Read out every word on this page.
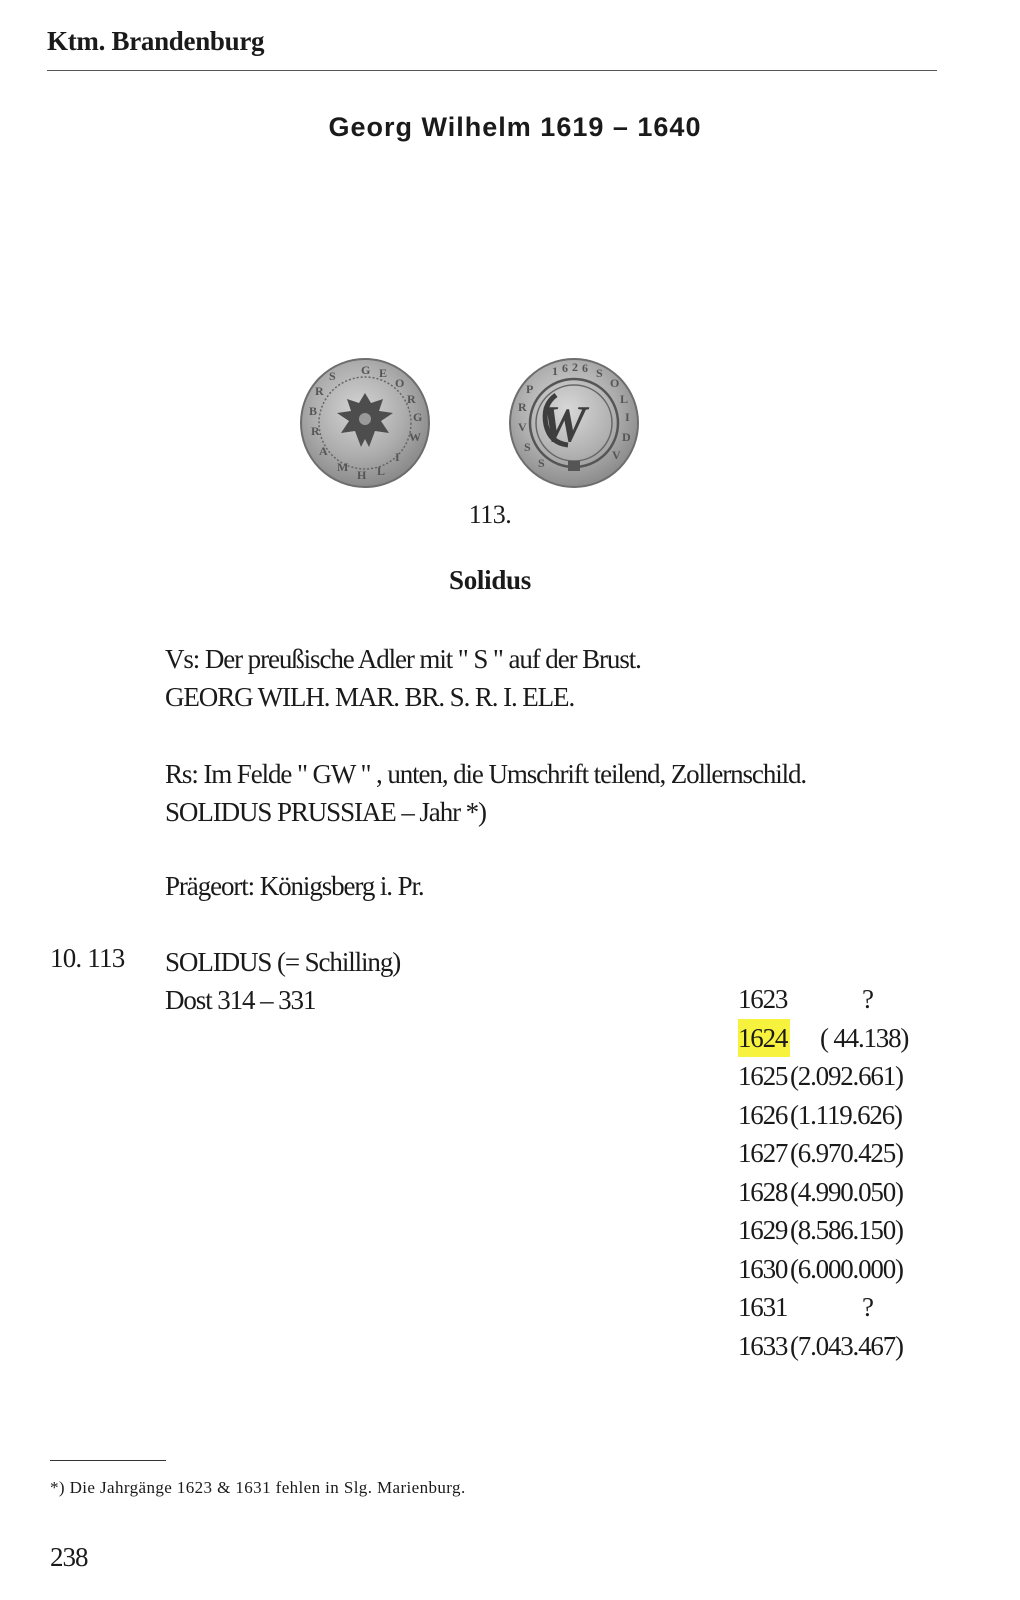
Ktm. Brandenburg
Georg Wilhelm 1619 – 1640
G E
O
R
G
W
I
L
H
M
A
R
B
R
S
W
1 6 2 6 S
O
L
I
D
V
S
S
V
R
P
113.
Solidus
Vs: Der preußische Adler mit " S " auf der Brust.
GEORG WILH. MAR. BR. S. R. I. ELE.
Rs: Im Felde " GW " , unten, die Umschrift teilend, Zollernschild.
SOLIDUS PRUSSIAE – Jahr *)
Prägeort: Königsberg i. Pr.
10. 113 SOLIDUS (= Schilling)
Dost 314 – 331	1623	?
1624 ( 44.138)
1625 (2.092.661)
1626 (1.119.626)
1627 (6.970.425)
1628 (4.990.050)
1629 (8.586.150)
1630 (6.000.000)
1631	?
1633 (7.043.467)
*) Die Jahrgänge 1623 & 1631 fehlen in Slg. Marienburg.
238
